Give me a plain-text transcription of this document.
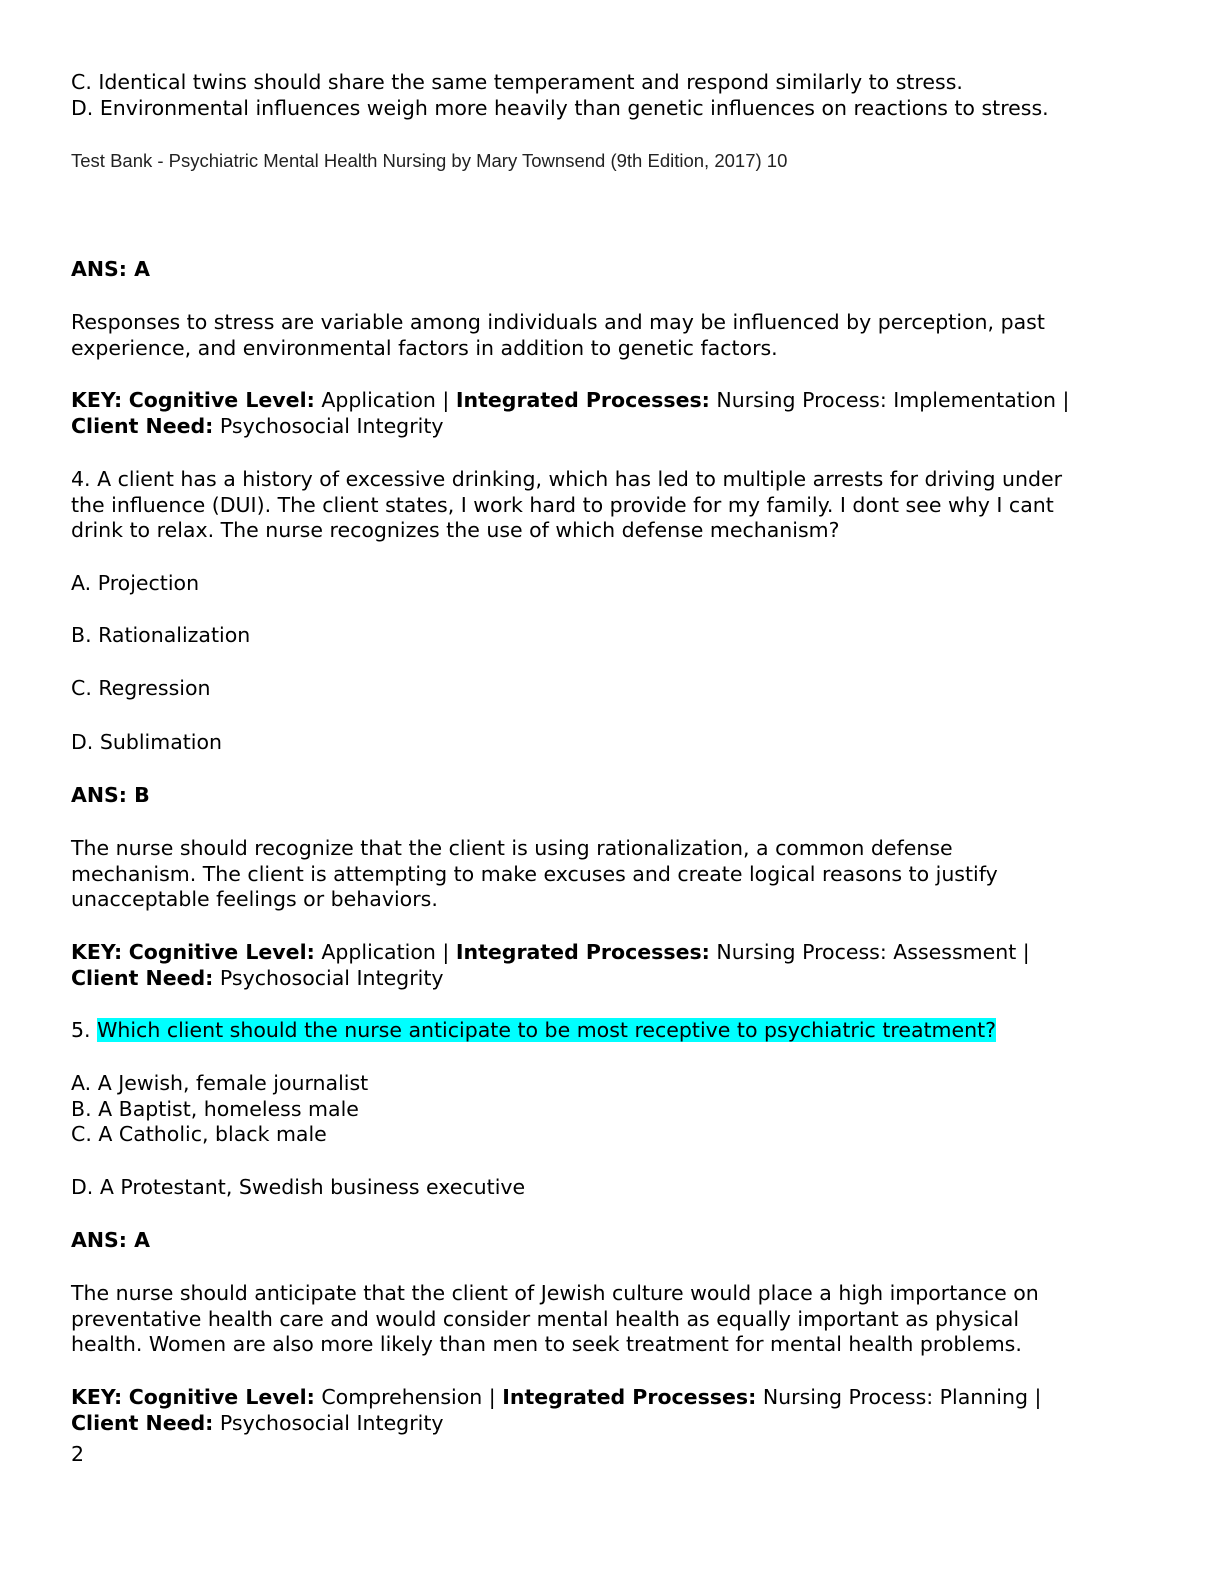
C. Identical twins should share the same temperament and respond similarly to stress.
D. Environmental influences weigh more heavily than genetic influences on reactions to stress.
Test Bank - Psychiatric Mental Health Nursing by Mary Townsend (9th Edition, 2017) 10
ANS: A
Responses to stress are variable among individuals and may be influenced by perception, past
experience, and environmental factors in addition to genetic factors.
KEY: Cognitive Level: Application | Integrated Processes: Nursing Process: Implementation |
Client Need: Psychosocial Integrity
4. A client has a history of excessive drinking, which has led to multiple arrests for driving under
the influence (DUI). The client states, I work hard to provide for my family. I dont see why I cant
drink to relax. The nurse recognizes the use of which defense mechanism?
A. Projection
B. Rationalization
C. Regression
D. Sublimation
ANS: B
The nurse should recognize that the client is using rationalization, a common defense
mechanism. The client is attempting to make excuses and create logical reasons to justify
unacceptable feelings or behaviors.
KEY: Cognitive Level: Application | Integrated Processes: Nursing Process: Assessment |
Client Need: Psychosocial Integrity
5. Which client should the nurse anticipate to be most receptive to psychiatric treatment?
A. A Jewish, female journalist
B. A Baptist, homeless male
C. A Catholic, black male
D. A Protestant, Swedish business executive
ANS: A
The nurse should anticipate that the client of Jewish culture would place a high importance on
preventative health care and would consider mental health as equally important as physical
health. Women are also more likely than men to seek treatment for mental health problems.
KEY: Cognitive Level: Comprehension | Integrated Processes: Nursing Process: Planning |
Client Need: Psychosocial Integrity
2
